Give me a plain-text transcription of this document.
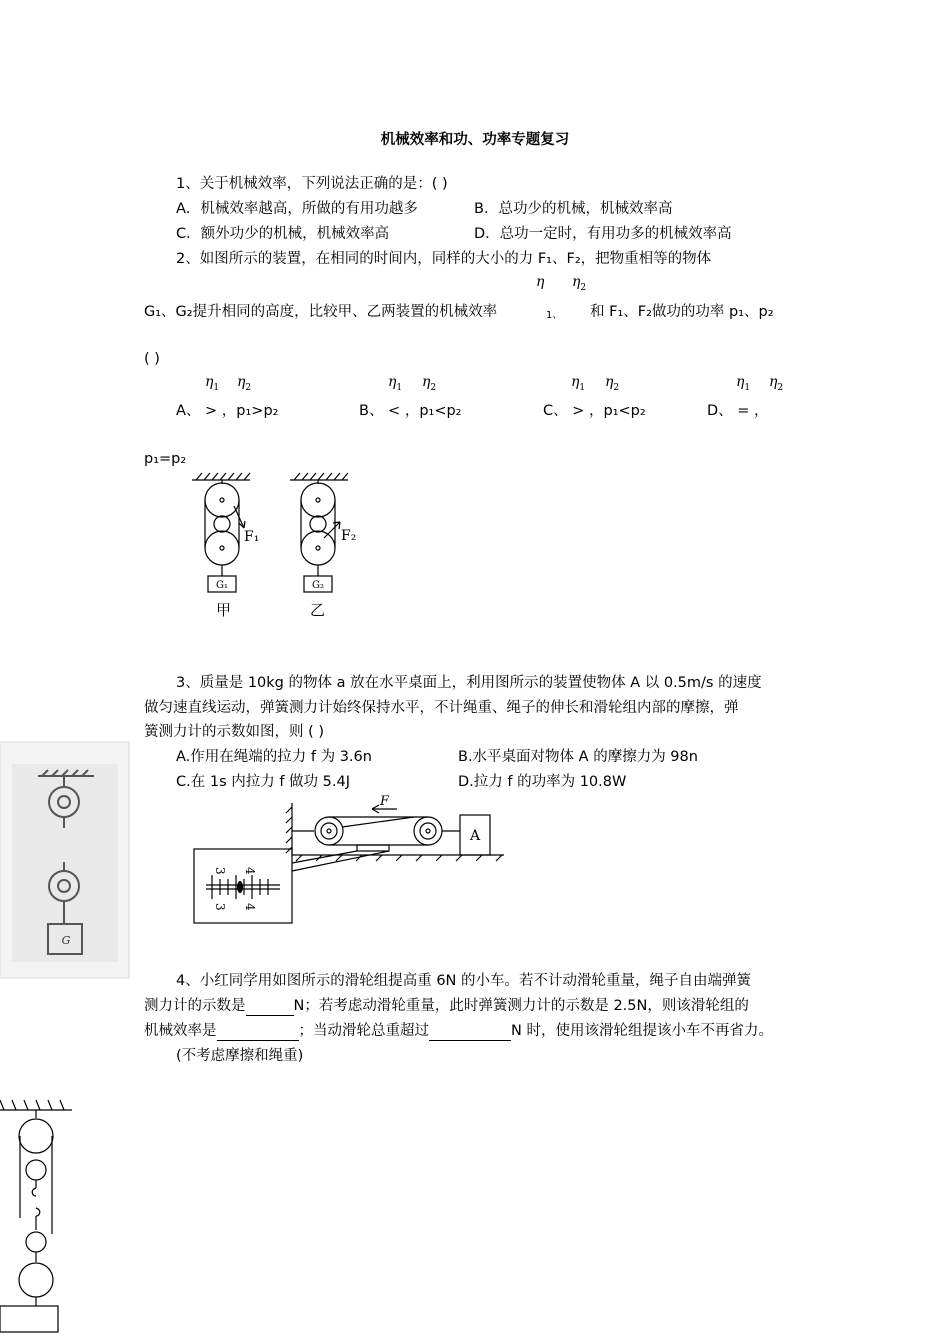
机械效率和功、功率专题复习
1、关于机械效率，下列说法正确的是：( )
A．机械效率越高，所做的有用功越多	B．总功少的机械，机械效率高
C．额外功少的机械，机械效率高	D．总功一定时，有用功多的机械效率高
2、如图所示的装置，在相同的时间内，同样的大小的力 F₁、F₂，把物重相等的物体
η $\eta_2$
G₁、G₂提升相同的高度，比较甲、乙两装置的机械效率	1、 和 F₁、F₂做功的功率 p₁、p₂
( )
$\eta_1$ $\eta_2$	$\eta_1$ $\eta_2$	$\eta_1$ $\eta_2$	$\eta_1$ $\eta_2$
A、 > ，p₁>p₂	B、 < ，p₁<p₂	C、 > ，p₁<p₂	D、 = ，
p₁=p₂
F₁	F₂
G₁	G₂
甲	乙
3、质量是 10kg 的物体 a 放在水平桌面上，利用图所示的装置使物体 A 以 0.5m/s 的速度
做匀速直线运动，弹簧测力计始终保持水平，不计绳重、绳子的伸长和滑轮组内部的摩擦，弹
簧测力计的示数如图，则 ( )
A.作用在绳端的拉力 f 为 3.6n	B.水平桌面对物体 A 的摩擦力为 98n
C.在 1s 内拉力 f 做功 5.4J	D.拉力 f 的功率为 10.8W
F
A
3 4
3 4
G
4、小红同学用如图所示的滑轮组提高重 6N 的小车。若不计动滑轮重量，绳子自由端弹簧
测力计的示数是	N；若考虑动滑轮重量，此时弹簧测力计的示数是 2.5N，则该滑轮组的
机械效率是	；当动滑轮总重超过	N 时，使用该滑轮组提该小车不再省力。
(不考虑摩擦和绳重)
